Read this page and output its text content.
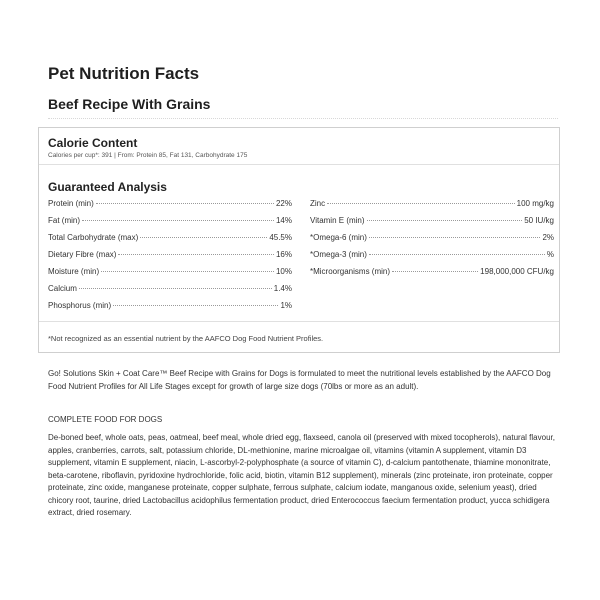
Pet Nutrition Facts
Beef Recipe With Grains
Calorie Content
Calories per cup*: 391 | From: Protein 85, Fat 131, Carbohydrate 175
Guaranteed Analysis
Protein (min)	22%
Fat (min)	14%
Total Carbohydrate (max)	45.5%
Dietary Fibre (max)	16%
Moisture (min)	10%
Calcium	1.4%
Phosphorus (min)	1%
Zinc	100 mg/kg
Vitamin E (min)	50 IU/kg
*Omega-6 (min)	2%
*Omega-3 (min)	%
*Microorganisms (min)	198,000,000 CFU/kg
*Not recognized as an essential nutrient by the AAFCO Dog Food Nutrient Profiles.

Go! Solutions Skin + Coat Care™ Beef Recipe with Grains for Dogs is formulated to meet the nutritional levels established by the AAFCO Dog Food Nutrient Profiles for All Life Stages except for growth of large size dogs (70lbs or more as an adult).

COMPLETE FOOD FOR DOGS

De-boned beef, whole oats, peas, oatmeal, beef meal, whole dried egg, flaxseed, canola oil (preserved with mixed tocopherols), natural flavour, apples, cranberries, carrots, salt, potassium chloride, DL-methionine, marine microalgae oil, vitamins (vitamin A supplement, vitamin D3 supplement, vitamin E supplement, niacin, L-ascorbyl-2-polyphosphate (a source of vitamin C), d-calcium pantothenate, thiamine mononitrate, beta-carotene, riboflavin, pyridoxine hydrochloride, folic acid, biotin, vitamin B12 supplement), minerals (zinc proteinate, iron proteinate, copper proteinate, zinc oxide, manganese proteinate, copper sulphate, ferrous sulphate, calcium iodate, manganous oxide, selenium yeast), dried chicory root, taurine, dried Lactobacillus acidophilus fermentation product, dried Enterococcus faecium fermentation product, yucca schidigera extract, dried rosemary.
